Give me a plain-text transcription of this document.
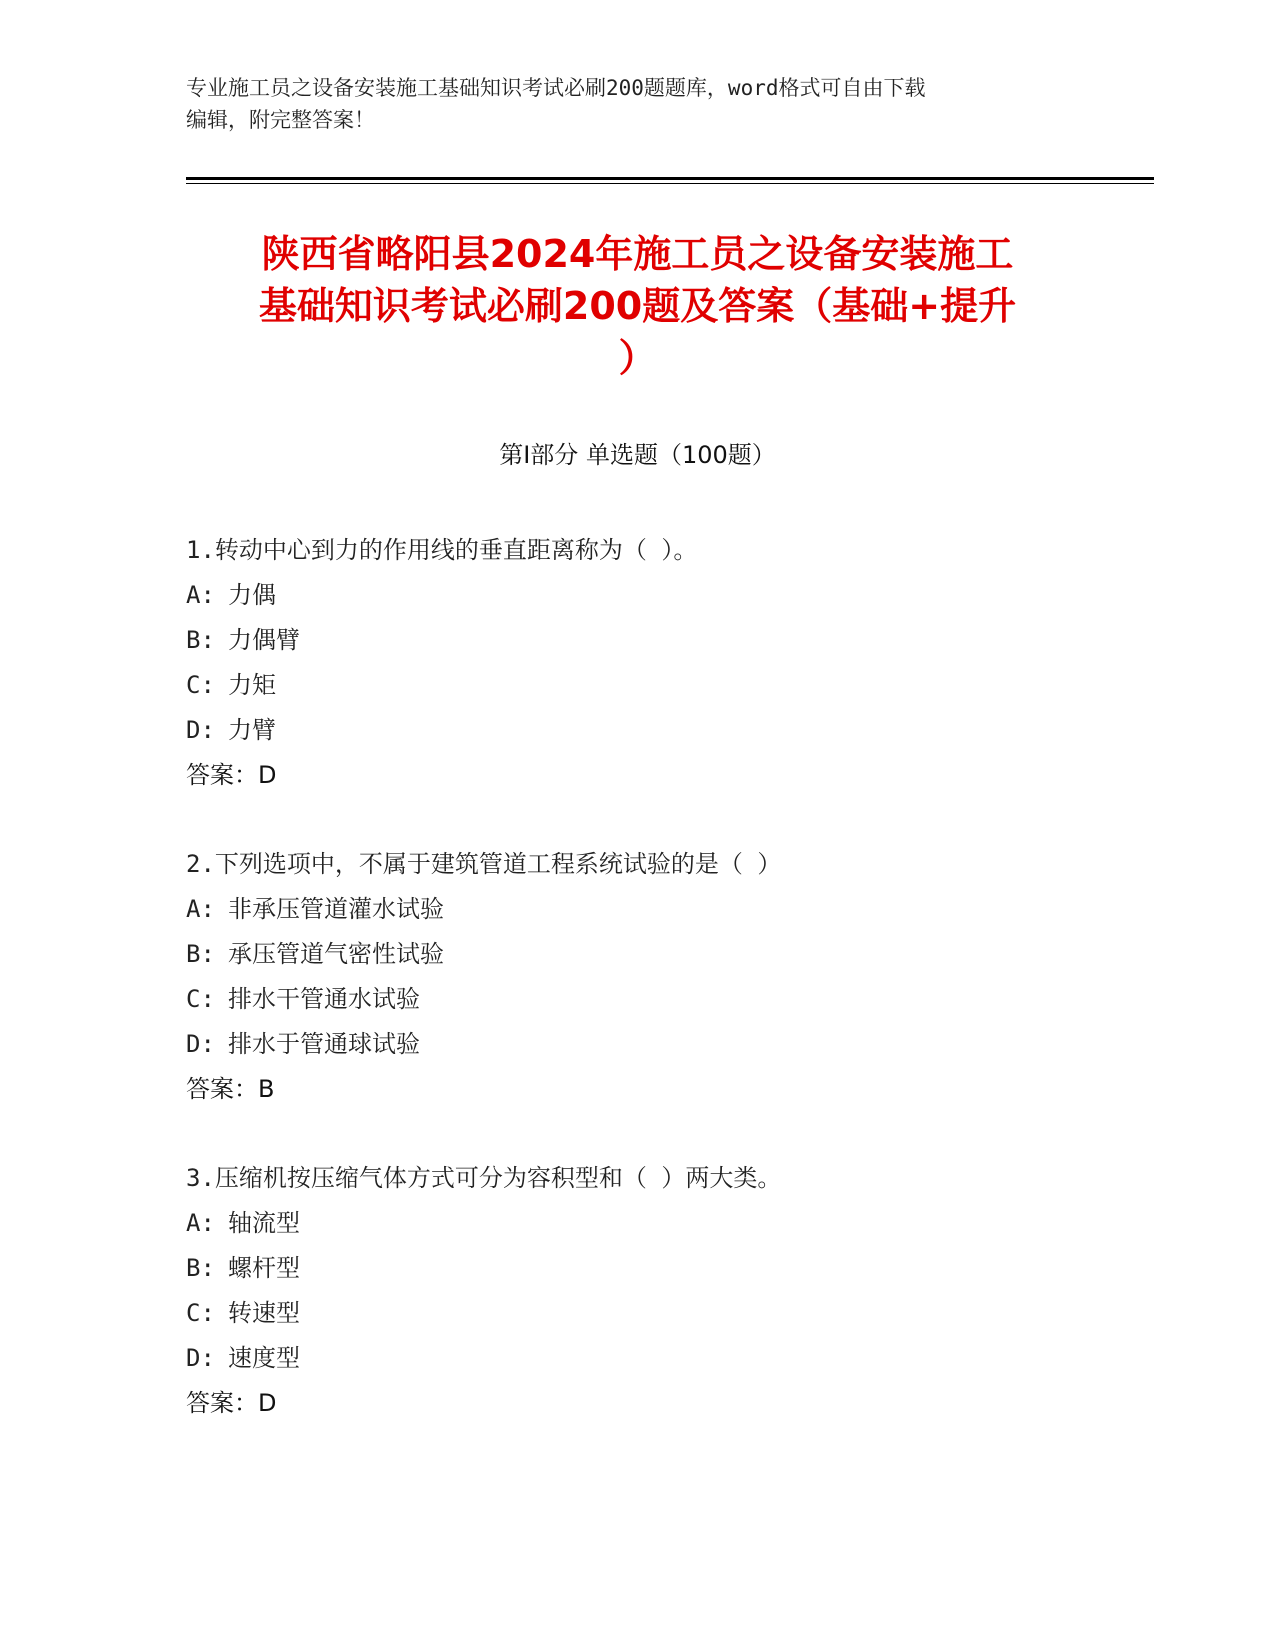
专业施工员之设备安装施工基础知识考试必刷200题题库，word格式可自由下载
编辑，附完整答案！
陕西省略阳县2024年施工员之设备安装施工
基础知识考试必刷200题及答案（基础+提升
）
第Ⅰ部分 单选题（100题）
1.转动中心到力的作用线的垂直距离称为（ ）。
A: 力偶
B: 力偶臂
C: 力矩
D: 力臂
答案：D
2.下列选项中，不属于建筑管道工程系统试验的是（ ）
A: 非承压管道灌水试验
B: 承压管道气密性试验
C: 排水干管通水试验
D: 排水于管通球试验
答案：B
3.压缩机按压缩气体方式可分为容积型和（ ）两大类。
A: 轴流型
B: 螺杆型
C: 转速型
D: 速度型
答案：D
